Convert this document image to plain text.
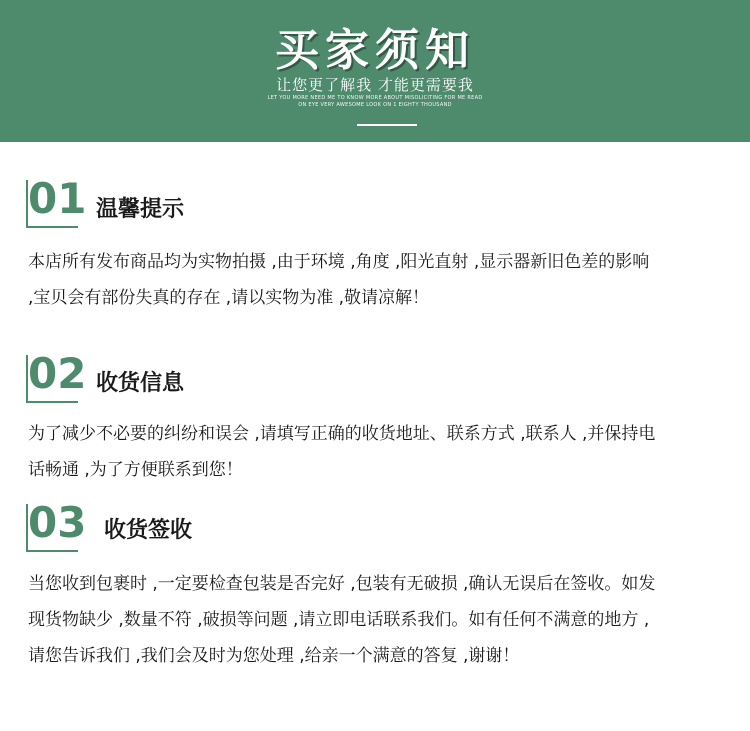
买家须知
让您更了解我 才能更需要我
LET YOU MORE NEED ME TO KNOW MORE ABOUT MISOLICITING FOR ME READ
ON EYE VERY AWESOME LOOK ON 1 EIGHTY THOUSAND
01 温馨提示
本店所有发布商品均为实物拍摄 ,由于环境 ,角度 ,阳光直射 ,显示器新旧色差的影响
,宝贝会有部份失真的存在 ,请以实物为准 ,敬请凉解！
02 收货信息
为了减少不必要的纠纷和误会 ,请填写正确的收货地址、联系方式 ,联系人 ,并保持电
话畅通 ,为了方便联系到您！
03 收货签收
当您收到包裹时 ,一定要检查包装是否完好 ,包装有无破损 ,确认无误后在签收。如发
现货物缺少 ,数量不符 ,破损等问题 ,请立即电话联系我们。如有任何不满意的地方 ,
请您告诉我们 ,我们会及时为您处理 ,给亲一个满意的答复 ,谢谢！
